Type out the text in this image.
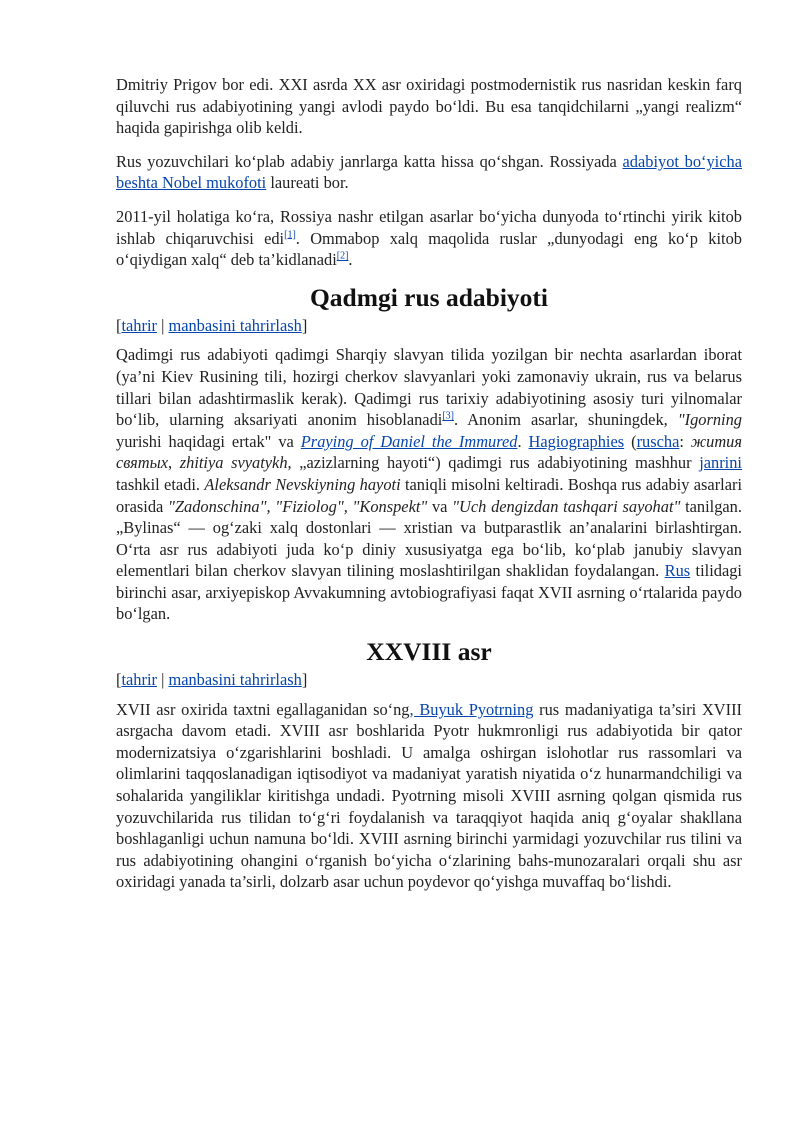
Dmitriy Prigov bor edi. XXI asrda XX asr oxiridagi postmodernistik rus nasridan keskin farq qiluvchi rus adabiyotining yangi avlodi paydo bo‘ldi. Bu esa tanqidchilarni „yangi realizm“ haqida gapirishga olib keldi.

Rus yozuvchilari ko‘plab adabiy janrlarga katta hissa qo‘shgan. Rossiyada adabiyot bo‘yicha beshta Nobel mukofoti laureati bor.

2011-yil holatiga ko‘ra, Rossiya nashr etilgan asarlar bo‘yicha dunyoda to‘rtinchi yirik kitob ishlab chiqaruvchisi edi[1]. Ommabop xalq maqolida ruslar „dunyodagi eng ko‘p kitob o‘qiydigan xalq“ deb ta’kidlanadi[2].

Qadmgi rus adabiyoti
[tahrir | manbasini tahrirlash]

Qadimgi rus adabiyoti qadimgi Sharqiy slavyan tilida yozilgan bir nechta asarlardan iborat (ya’ni Kiev Rusining tili, hozirgi cherkov slavyanlari yoki zamonaviy ukrain, rus va belarus tillari bilan adashtirmaslik kerak). Qadimgi rus tarixiy adabiyotining asosiy turi yilnomalar bo‘lib, ularning aksariyati anonim hisoblanadi[3]. Anonim asarlar, shuningdek, "Igorning yurishi haqidagi ertak" va Praying of Daniel the Immured. Hagiographies (ruscha: жития святых, zhitiya svyatykh, „azizlarning hayoti“) qadimgi rus adabiyotining mashhur janrini tashkil etadi. Aleksandr Nevskiyning hayoti taniqli misolni keltiradi. Boshqa rus adabiy asarlari orasida "Zadonschina", "Fiziolog", "Konspekt" va "Uch dengizdan tashqari sayohat" tanilgan. „Bylinas“ — og‘zaki xalq dostonlari — xristian va butparastlik an’analarini birlashtirgan. O‘rta asr rus adabiyoti juda ko‘p diniy xususiyatga ega bo‘lib, ko‘plab janubiy slavyan elementlari bilan cherkov slavyan tilining moslashtirilgan shaklidan foydalangan. Rus tilidagi birinchi asar, arxiyepiskop Avvakumning avtobiografiyasi faqat XVII asrning o‘rtalarida paydo bo‘lgan.

XXVIII asr
[tahrir | manbasini tahrirlash]

XVII asr oxirida taxtni egallaganidan so‘ng, Buyuk Pyotrning rus madaniyatiga ta’siri XVIII asrgacha davom etadi. XVIII asr boshlarida Pyotr hukmronligi rus adabiyotida bir qator modernizatsiya o‘zgarishlarini boshladi. U amalga oshirgan islohotlar rus rassomlari va olimlarini taqqoslanadigan iqtisodiyot va madaniyat yaratish niyatida o‘z hunarmandchiligi va sohalarida yangiliklar kiritishga undadi. Pyotrning misoli XVIII asrning qolgan qismida rus yozuvchilarida rus tilidan to‘g‘ri foydalanish va taraqqiyot haqida aniq g‘oyalar shakllana boshlaganligi uchun namuna bo‘ldi. XVIII asrning birinchi yarmidagi yozuvchilar rus tilini va rus adabiyotining ohangini o‘rganish bo‘yicha o‘zlarining bahs-munozaralari orqali shu asr oxiridagi yanada ta’sirli, dolzarb asar uchun poydevor qo‘yishga muvaffaq bo‘lishdi.
